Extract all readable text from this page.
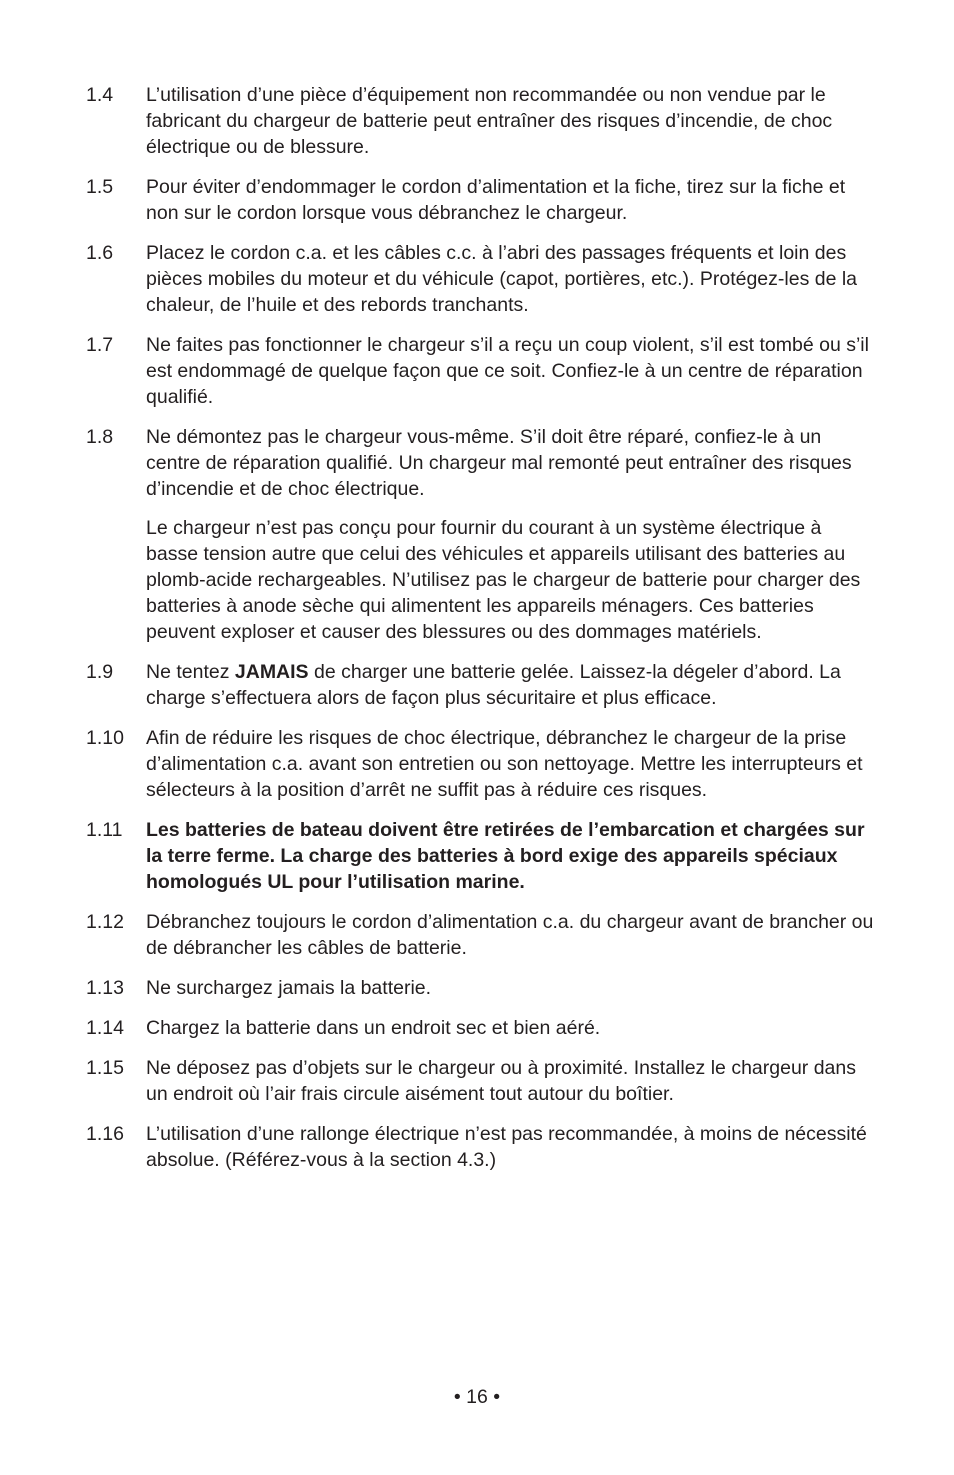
1.4	L’utilisation d’une pièce d’équipement non recommandée ou non vendue par le fabricant du chargeur de batterie peut entraîner des risques d’incendie, de choc électrique ou de blessure.

1.5	Pour éviter d’endommager le cordon d’alimentation et la fiche, tirez sur la fiche et non sur le cordon lorsque vous débranchez le chargeur.

1.6	Placez le cordon c.a. et les câbles c.c. à l’abri des passages fréquents et loin des pièces mobiles du moteur et du véhicule (capot, portières, etc.). Protégez-les de la chaleur, de l’huile et des rebords tranchants.

1.7	Ne faites pas fonctionner le chargeur s’il a reçu un coup violent, s’il est tombé ou s’il est endommagé de quelque façon que ce soit. Confiez-le à un centre de réparation qualifié.

1.8	Ne démontez pas le chargeur vous-même. S’il doit être réparé, confiez-le à un centre de réparation qualifié. Un chargeur mal remonté peut entraîner des risques d’incendie et de choc électrique.

Le chargeur n’est pas conçu pour fournir du courant à un système électrique à basse tension autre que celui des véhicules et appareils utilisant des batteries au plomb-acide rechargeables. N’utilisez pas le chargeur de batterie pour charger des batteries à anode sèche qui alimentent les appareils ménagers. Ces batteries peuvent exploser et causer des blessures ou des dommages matériels.

1.9	Ne tentez JAMAIS de charger une batterie gelée. Laissez-la dégeler d’abord. La charge s’effectuera alors de façon plus sécuritaire et plus efficace.

1.10	Afin de réduire les risques de choc électrique, débranchez le chargeur de la prise d’alimentation c.a. avant son entretien ou son nettoyage. Mettre les interrupteurs et sélecteurs à la position d’arrêt ne suffit pas à réduire ces risques.

1.11	Les batteries de bateau doivent être retirées de l’embarcation et chargées sur la terre ferme. La charge des batteries à bord exige des appareils spéciaux homologués UL pour l’utilisation marine.

1.12	Débranchez toujours le cordon d’alimentation c.a. du chargeur avant de brancher ou de débrancher les câbles de batterie.

1.13	Ne surchargez jamais la batterie.

1.14	Chargez la batterie dans un endroit sec et bien aéré.

1.15	Ne déposez pas d’objets sur le chargeur ou à proximité. Installez le chargeur dans un endroit où l’air frais circule aisément tout autour du boîtier.

1.16	L’utilisation d’une rallonge électrique n’est pas recommandée, à moins de nécessité absolue. (Référez-vous à la section 4.3.)

• 16 •
